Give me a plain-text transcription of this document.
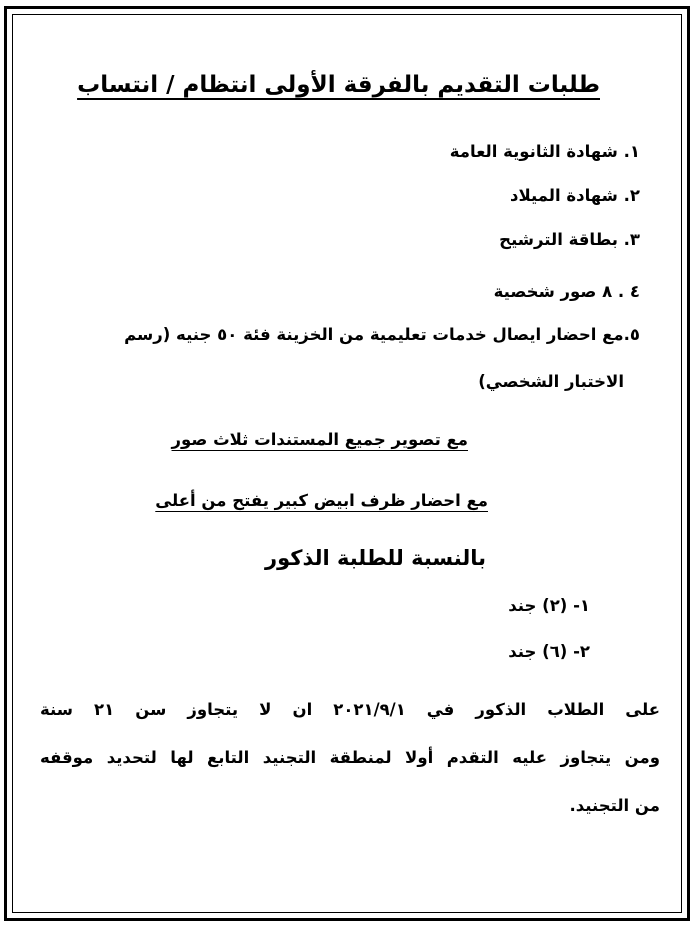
طلبات التقديم بالفرقة الأولى انتظام / انتساب
١. شهادة الثانوية العامة
٢. شهادة الميلاد
٣. بطاقة الترشيح
٤ . ٨ صور شخصية
٥.مع احضار ايصال خدمات تعليمية من الخزينة فئة ٥٠ جنيه (رسم
الاختبار الشخصي)
مع تصوير جميع المستندات ثلاث صور
مع احضار ظرف ابيض كبير يفتح من أعلى
بالنسبة للطلبة الذكور
١- (٢) جند
٢- (٦) جند
على الطلاب الذكور في ٢٠٢١/٩/١ ان لا يتجاوز سن ٢١ سنة
ومن يتجاوز عليه التقدم أولا لمنطقة التجنيد التابع لها لتحديد موقفه
من التجنيد.
